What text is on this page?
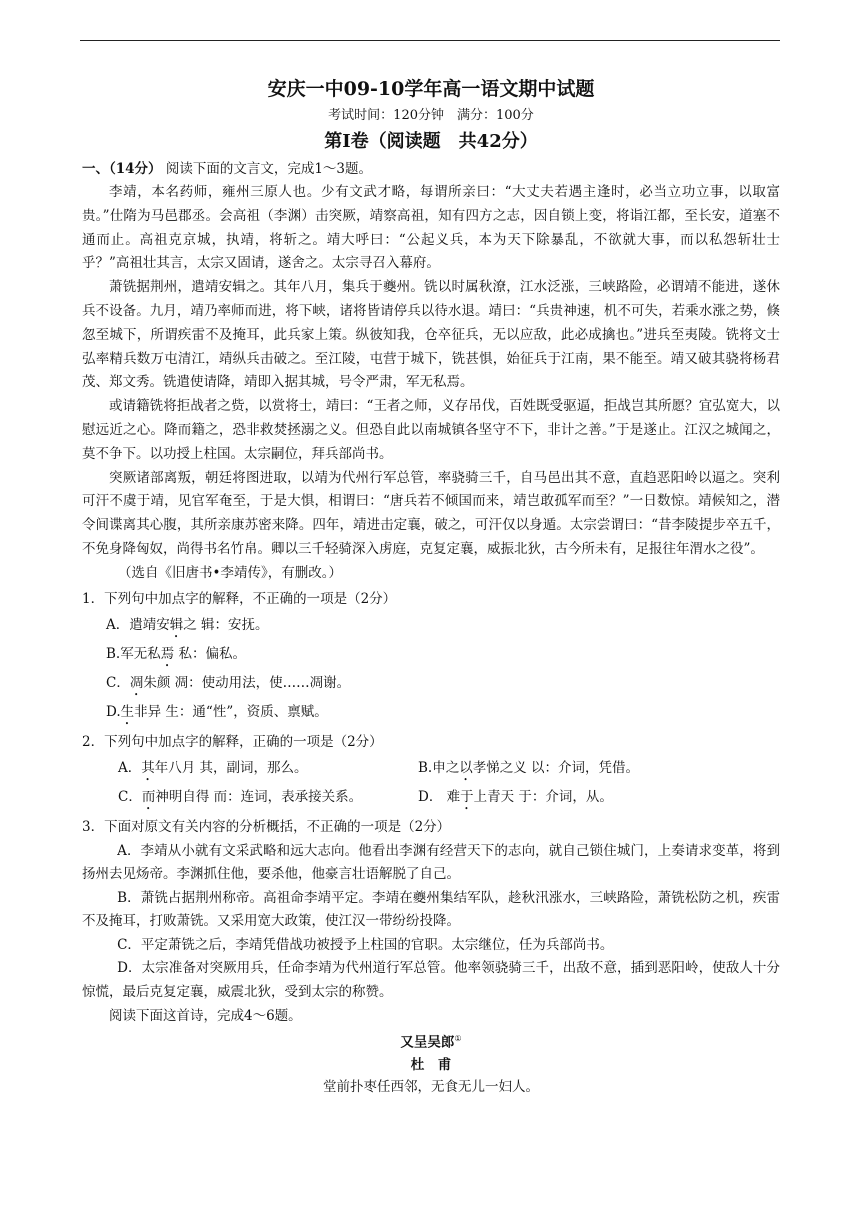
安庆一中09-10学年高一语文期中试题
考试时间：120分钟　满分：100分
第Ⅰ卷（阅读题　共42分）
一、（14分） 阅读下面的文言文，完成1～3题。

李靖，本名药师，雍州三原人也。少有文武才略，每谓所亲曰：“大丈夫若遇主逢时，必当立功立事，以取富贵。”仕隋为马邑郡丞。会高祖（李渊）击突厥，靖察高祖，知有四方之志，因自锁上变，将诣江都，至长安，道塞不通而止。高祖克京城，执靖，将斩之。靖大呼曰：“公起义兵，本为天下除暴乱，不欲就大事，而以私怨斩壮士乎？”高祖壮其言，太宗又固请，遂舍之。太宗寻召入幕府。

萧铣据荆州，遣靖安辑之。其年八月，集兵于夔州。铣以时属秋潦，江水泛涨，三峡路险，必谓靖不能进，遂休兵不设备。九月，靖乃率师而进，将下峡，诸将皆请停兵以待水退。靖曰：“兵贵神速，机不可失，若乘水涨之势，倏忽至城下，所谓疾雷不及掩耳，此兵家上策。纵彼知我，仓卒征兵，无以应敌，此必成擒也。”进兵至夷陵。铣将文士弘率精兵数万屯清江，靖纵兵击破之。至江陵，屯营于城下，铣甚惧，始征兵于江南，果不能至。靖又破其骁将杨君茂、郑文秀。铣遣使请降，靖即入据其城，号令严肃，军无私焉。

或请籍铣将拒战者之赀，以赏将士，靖曰：“王者之师，义存吊伐，百姓既受驱逼，拒战岂其所愿？宜弘宽大，以慰远近之心。降而籍之，恐非救焚拯溺之义。但恐自此以南城镇各坚守不下，非计之善。”于是遂止。江汉之城闻之，莫不争下。以功授上柱国。太宗嗣位，拜兵部尚书。

突厥诸部离叛，朝廷将图进取，以靖为代州行军总管，率骁骑三千，自马邑出其不意，直趋恶阳岭以逼之。突利可汗不虞于靖，见官军奄至，于是大惧，相谓曰：“唐兵若不倾国而来，靖岂敢孤军而至？”一日数惊。靖候知之，潜令间谍离其心腹，其所亲康苏密来降。四年，靖进击定襄，破之，可汗仅以身遁。太宗尝谓曰：“昔李陵提步卒五千，不免身降匈奴，尚得书名竹帛。卿以三千轻骑深入虏庭，克复定襄，威振北狄，古今所未有，足报往年渭水之役”。

（选自《旧唐书•李靖传》，有删改。）

1．下列句中加点字的解释，不正确的一项是（2分）

A．遣靖安辑之 辑：安抚。

B.军无私焉 私：偏私。

C．凋朱颜 凋：使动用法，使……凋谢。

D.生非异 生：通“性”，资质、禀赋。

2．下列句中加点字的解释，正确的一项是（2分）

A．其年八月 其，副词，那么。	B.申之以孝悌之义 以：介词，凭借。
C．而神明自得 而：连词，表承接关系。	D． 难于上青天 于：介词，从。

3．下面对原文有关内容的分析概括，不正确的一项是（2分）

A．李靖从小就有文采武略和远大志向。他看出李渊有经营天下的志向，就自己锁住城门，上奏请求变革，将到扬州去见炀帝。李渊抓住他，要杀他，他豪言壮语解脱了自己。

B．萧铣占据荆州称帝。高祖命李靖平定。李靖在夔州集结军队，趁秋汛涨水，三峡路险，萧铣松防之机，疾雷不及掩耳，打败萧铣。又采用宽大政策，使江汉一带纷纷投降。

C．平定萧铣之后，李靖凭借战功被授予上柱国的官职。太宗继位，任为兵部尚书。

D．太宗准备对突厥用兵，任命李靖为代州道行军总管。他率领骁骑三千，出敌不意，插到恶阳岭，使敌人十分惊慌，最后克复定襄，威震北狄，受到太宗的称赞。

阅读下面这首诗，完成4～6题。

又呈吴郎①

杜甫

堂前扑枣任西邻，无食无儿一妇人。
